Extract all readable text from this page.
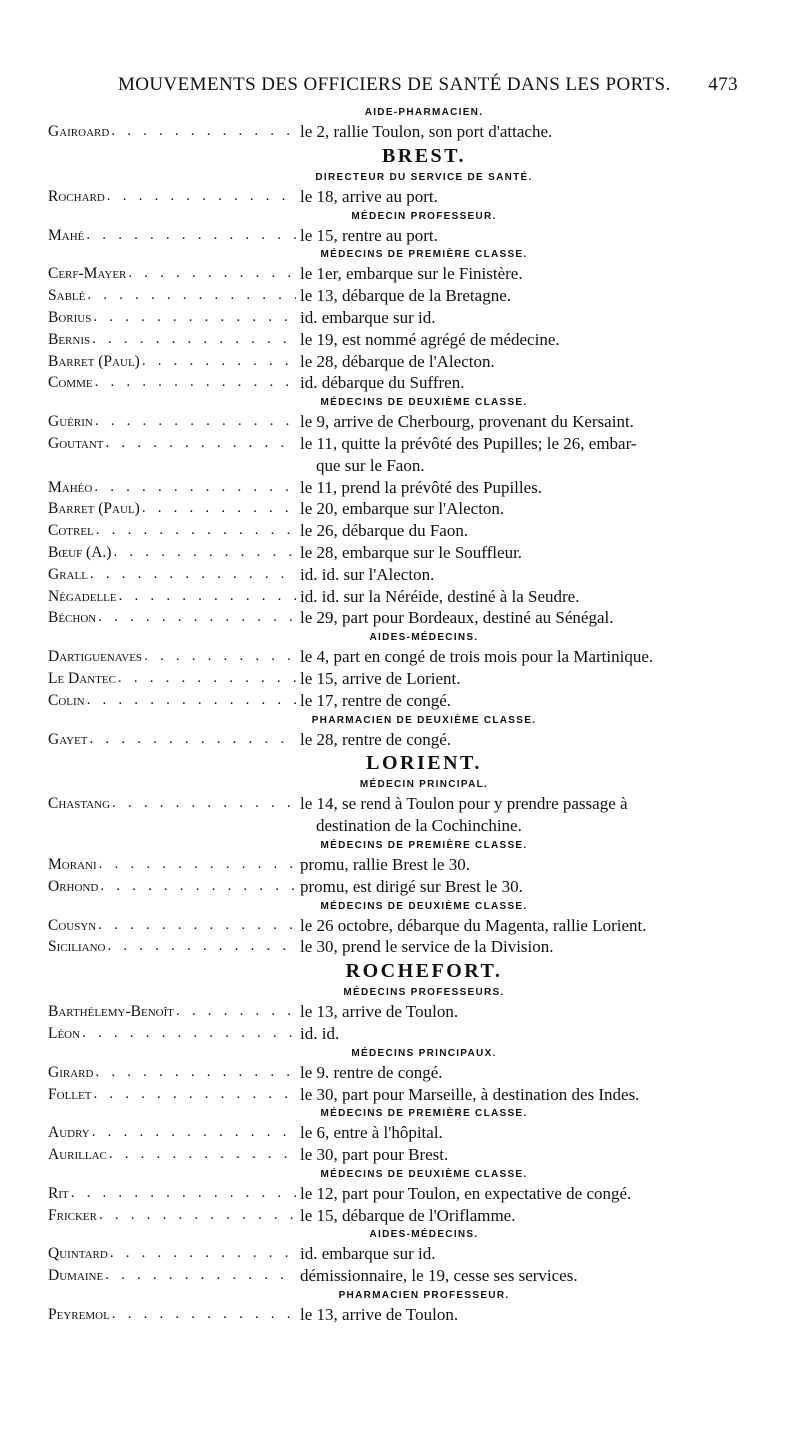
MOUVEMENTS DES OFFICIERS DE SANTÉ DANS LES PORTS. 473
AIDE-PHARMACIEN.
Gairoard . . .	le 2, rallie Toulon, son port d'attache.
BREST.
DIRECTEUR DU SERVICE DE SANTÉ.
Rochard . . .	le 18, arrive au port.
MÉDECIN PROFESSEUR.
Mahé . . .	le 15, rentre au port.
MÉDECINS DE PREMIÈRE CLASSE.
Cerf-Mayer . . .	le 1er, embarque sur le Finistère.
Sablé . . .	le 13, débarque de la Bretagne.
Borius . . .	id. embarque sur id.
Bernis . . .	le 19, est nommé agrégé de médecine.
Barret (Paul) . . .	le 28, débarque de l'Alecton.
Comme . . .	id. débarque du Suffren.
MÉDECINS DE DEUXIÈME CLASSE.
Guérin . . .	le 9, arrive de Cherbourg, provenant du Kersaint.
Goutant . . .	le 11, quitte la prévôté des Pupilles; le 26, embar-
que sur le Faon.
Mahéo . . .	le 11, prend la prévôté des Pupilles.
Barret (Paul) . . .	le 20, embarque sur l'Alecton.
Cotrel . . .	le 26, débarque du Faon.
Bœuf (A.) . . .	le 28, embarque sur le Souffleur.
Grall . . .	id. id. sur l'Alecton.
Négadelle . . .	id. id. sur la Néréide, destiné à la Seudre.
Béchon . . .	le 29, part pour Bordeaux, destiné au Sénégal.
AIDES-MÉDECINS.
Dartiguenaves . . .	le 4, part en congé de trois mois pour la Martinique.
Le Dantec . . .	le 15, arrive de Lorient.
Colin . . .	le 17, rentre de congé.
PHARMACIEN DE DEUXIÈME CLASSE.
Gayet . . .	le 28, rentre de congé.
LORIENT.
MÉDECIN PRINCIPAL.
Chastang . . .	le 14, se rend à Toulon pour y prendre passage à
destination de la Cochinchine.
MÉDECINS DE PREMIÈRE CLASSE.
Morani . . .	promu, rallie Brest le 30.
Orhond . . .	promu, est dirigé sur Brest le 30.
MÉDECINS DE DEUXIÈME CLASSE.
Cousyn . . .	le 26 octobre, débarque du Magenta, rallie Lorient.
Siciliano . . .	le 30, prend le service de la Division.
ROCHEFORT.
MÉDECINS PROFESSEURS.
Barthélemy-Benoît . . .	le 13, arrive de Toulon.
Léon . . .	id. id.
MÉDECINS PRINCIPAUX.
Girard . . .	le 9. rentre de congé.
Follet . . .	le 30, part pour Marseille, à destination des Indes.
MÉDECINS DE PREMIÈRE CLASSE.
Audry . . .	le 6, entre à l'hôpital.
Aurillac . . .	le 30, part pour Brest.
MÉDECINS DE DEUXIÈME CLASSE.
Rit . . .	le 12, part pour Toulon, en expectative de congé.
Fricker . . .	le 15, débarque de l'Oriflamme.
AIDES-MÉDECINS.
Quintard . . .	id. embarque sur id.
Dumaine . . .	démissionnaire, le 19, cesse ses services.
PHARMACIEN PROFESSEUR.
Peyremol . . .	le 13, arrive de Toulon.
